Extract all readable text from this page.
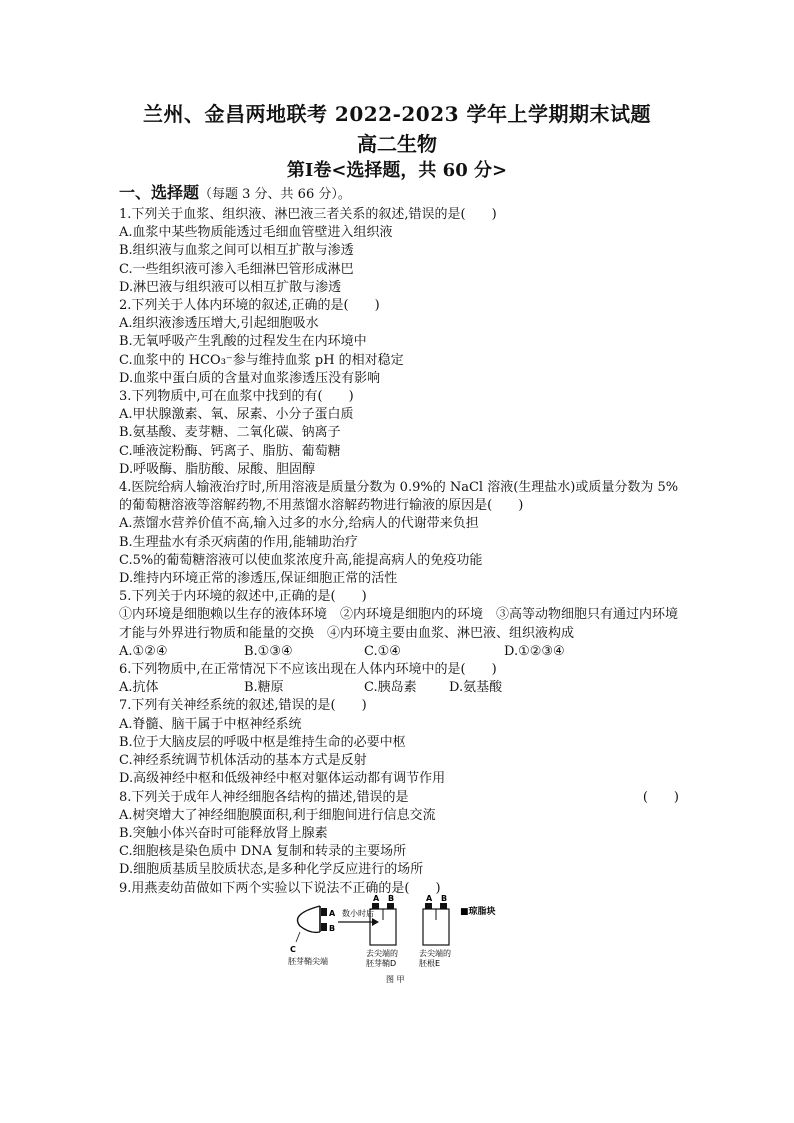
兰州、金昌两地联考 2022-2023 学年上学期期末试题
高二生物
第Ⅰ卷<选择题，共 60 分>

一、选择题（每题 3 分、共 66 分）。

1.下列关于血浆、组织液、淋巴液三者关系的叙述,错误的是(　　)

A.血浆中某些物质能透过毛细血管壁进入组织液

B.组织液与血浆之间可以相互扩散与渗透

C.一些组织液可渗入毛细淋巴管形成淋巴

D.淋巴液与组织液可以相互扩散与渗透

2.下列关于人体内环境的叙述,正确的是(　　)

A.组织液渗透压增大,引起细胞吸水

B.无氧呼吸产生乳酸的过程发生在内环境中

C.血浆中的 HCO₃⁻参与维持血浆 pH 的相对稳定

D.血浆中蛋白质的含量对血浆渗透压没有影响

3.下列物质中,可在血浆中找到的有(　　)

A.甲状腺激素、氧、尿素、小分子蛋白质

B.氨基酸、麦芽糖、二氧化碳、钠离子

C.唾液淀粉酶、钙离子、脂肪、葡萄糖

D.呼吸酶、脂肪酸、尿酸、胆固醇

4.医院给病人输液治疗时,所用溶液是质量分数为 0.9%的 NaCl 溶液(生理盐水)或质量分数为 5%的葡萄糖溶液等溶解药物,不用蒸馏水溶解药物进行输液的原因是(　　)

A.蒸馏水营养价值不高,输入过多的水分,给病人的代谢带来负担

B.生理盐水有杀灭病菌的作用,能辅助治疗

C.5%的葡萄糖溶液可以使血浆浓度升高,能提高病人的免疫功能

D.维持内环境正常的渗透压,保证细胞正常的活性

5.下列关于内环境的叙述中,正确的是(　　)

①内环境是细胞赖以生存的液体环境　②内环境是细胞内的环境　③高等动物细胞只有通过内环境才能与外界进行物质和能量的交换　④内环境主要由血浆、淋巴液、组织液构成

A.①②④	B.①③④	C.①④	D.①②③④

6.下列物质中,在正常情况下不应该出现在人体内环境中的是(　　)

A.抗体	B.糖原	C.胰岛素	D.氨基酸

7.下列有关神经系统的叙述,错误的是(　　)

A.脊髓、脑干属于中枢神经系统

B.位于大脑皮层的呼吸中枢是维持生命的必要中枢

C.神经系统调节机体活动的基本方式是反射

D.高级神经中枢和低级神经中枢对躯体运动都有调节作用

8.下列关于成年人神经细胞各结构的描述,错误的是	(　　)

A.树突增大了神经细胞膜面积,利于细胞间进行信息交流

B.突触小体兴奋时可能释放肾上腺素

C.细胞核是染色质中 DNA 复制和转录的主要场所

D.细胞质基质呈胶质状态,是多种化学反应进行的场所

9.用燕麦幼苗做如下两个实验以下说法不正确的是(　　)

A
B
C
胚芽鞘尖端
数小时后
A B
去尖端的
胚芽鞘D
A B
去尖端的
胚根E
■琼脂块
图 甲
